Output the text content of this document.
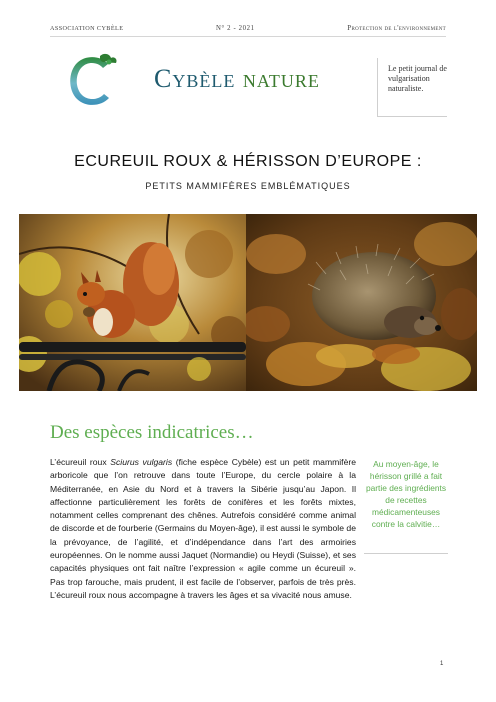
ASSOCIATION CYBÈLE	N° 2 - 2021	Protection de l'environnement
Cybèle nature	Le petit journal de vulgarisation naturaliste.
ECUREUIL ROUX & HÉRISSON D’EUROPE :
PETITS MAMMIFÈRES EMBLÉMATIQUES
Des espèces indicatrices…

L’écureuil roux Sciurus vulgaris (fiche espèce Cybèle) est un petit mammifère arboricole que l’on retrouve dans toute l’Europe, du cercle polaire à la Méditerranée, en Asie du Nord et à travers la Sibérie jusqu’au Japon. Il affectionne particulièrement les forêts de conifères et les forêts mixtes, notamment celles comprenant des chênes. Autrefois considéré comme animal de discorde et de fourberie (Germains du Moyen-âge), il est aussi le symbole de la prévoyance, de l’agilité, et d’indépendance dans l’art des armoiries européennes. On le nomme aussi Jaquet (Normandie) ou Heydi (Suisse), et ses capacités physiques ont fait naître l’expression « agile comme un écureuil ». Pas trop farouche, mais prudent, il est facile de l’observer, parfois de très près. L’écureuil roux nous accompagne à travers les âges et sa vivacité nous amuse.

Au moyen-âge, le hérisson grillé a fait partie des ingrédients de recettes médicamenteuses contre la calvitie…
1
